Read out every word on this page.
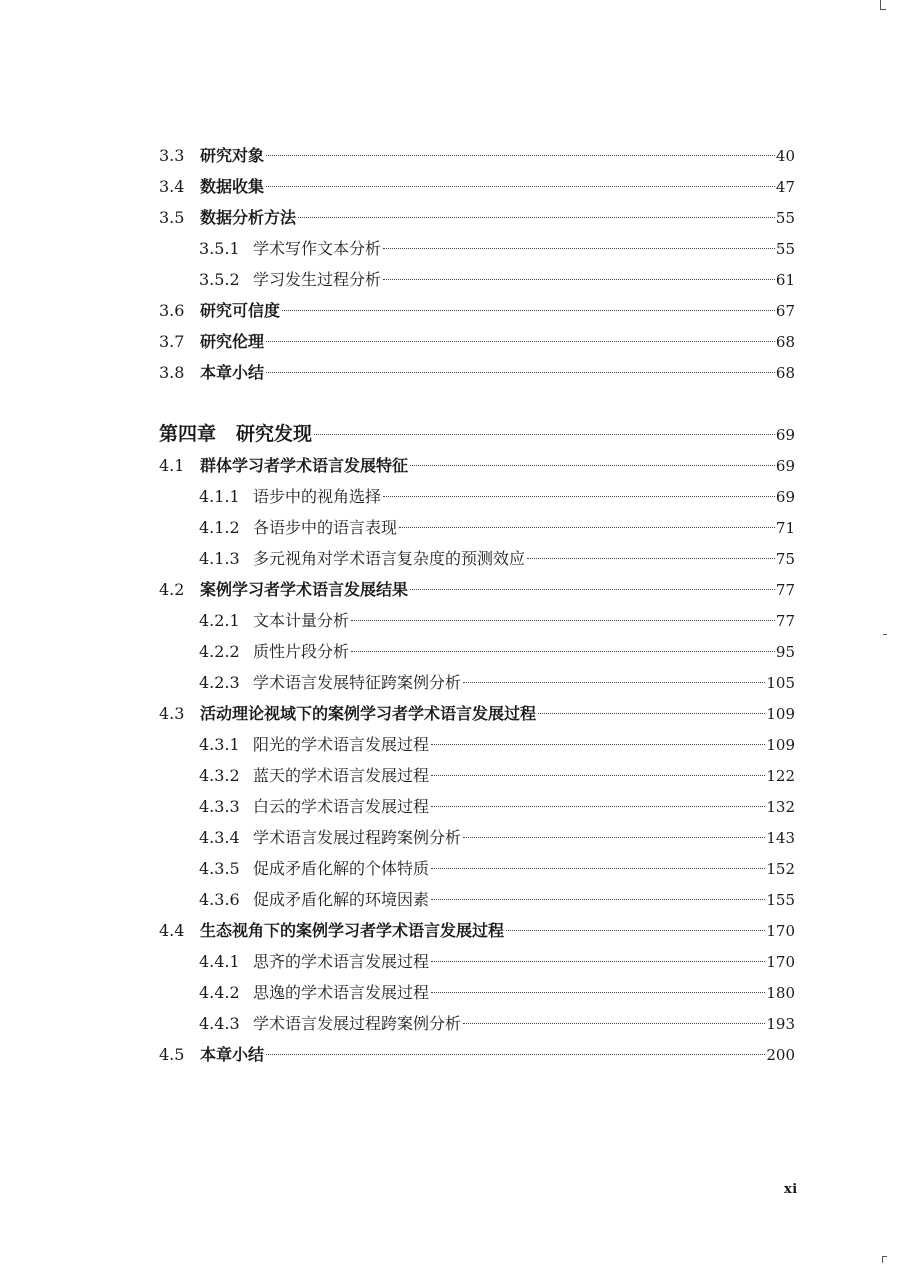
3.3 研究对象	40
3.4 数据收集	47
3.5 数据分析方法	55
3.5.1 学术写作文本分析	55
3.5.2 学习发生过程分析	61
3.6 研究可信度	67
3.7 研究伦理	68
3.8 本章小结	68
第四章 研究发现	69
4.1 群体学习者学术语言发展特征	69
4.1.1 语步中的视角选择	69
4.1.2 各语步中的语言表现	71
4.1.3 多元视角对学术语言复杂度的预测效应	75
4.2 案例学习者学术语言发展结果	77
4.2.1 文本计量分析	77
4.2.2 质性片段分析	95
4.2.3 学术语言发展特征跨案例分析	105
4.3 活动理论视域下的案例学习者学术语言发展过程	109
4.3.1 阳光的学术语言发展过程	109
4.3.2 蓝天的学术语言发展过程	122
4.3.3 白云的学术语言发展过程	132
4.3.4 学术语言发展过程跨案例分析	143
4.3.5 促成矛盾化解的个体特质	152
4.3.6 促成矛盾化解的环境因素	155
4.4 生态视角下的案例学习者学术语言发展过程	170
4.4.1 思齐的学术语言发展过程	170
4.4.2 思逸的学术语言发展过程	180
4.4.3 学术语言发展过程跨案例分析	193
4.5 本章小结	200
xi
